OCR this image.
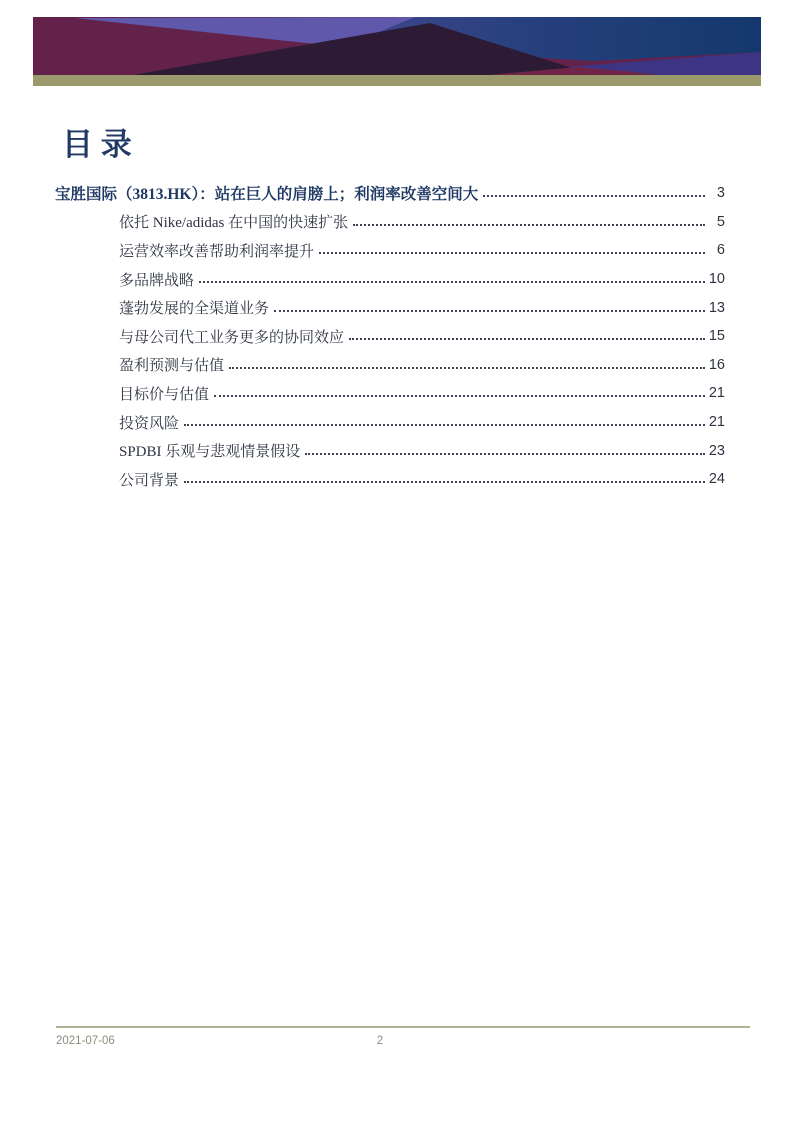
目 录
宝胜国际（3813.HK）：站在巨人的肩膀上；利润率改善空间大	3
依托 Nike/adidas 在中国的快速扩张	5
运营效率改善帮助利润率提升	6
多品牌战略	10
蓬勃发展的全渠道业务	13
与母公司代工业务更多的协同效应	15
盈利预测与估值	16
目标价与估值	21
投资风险	21
SPDBI 乐观与悲观情景假设	23
公司背景	24
2021-07-06	2
